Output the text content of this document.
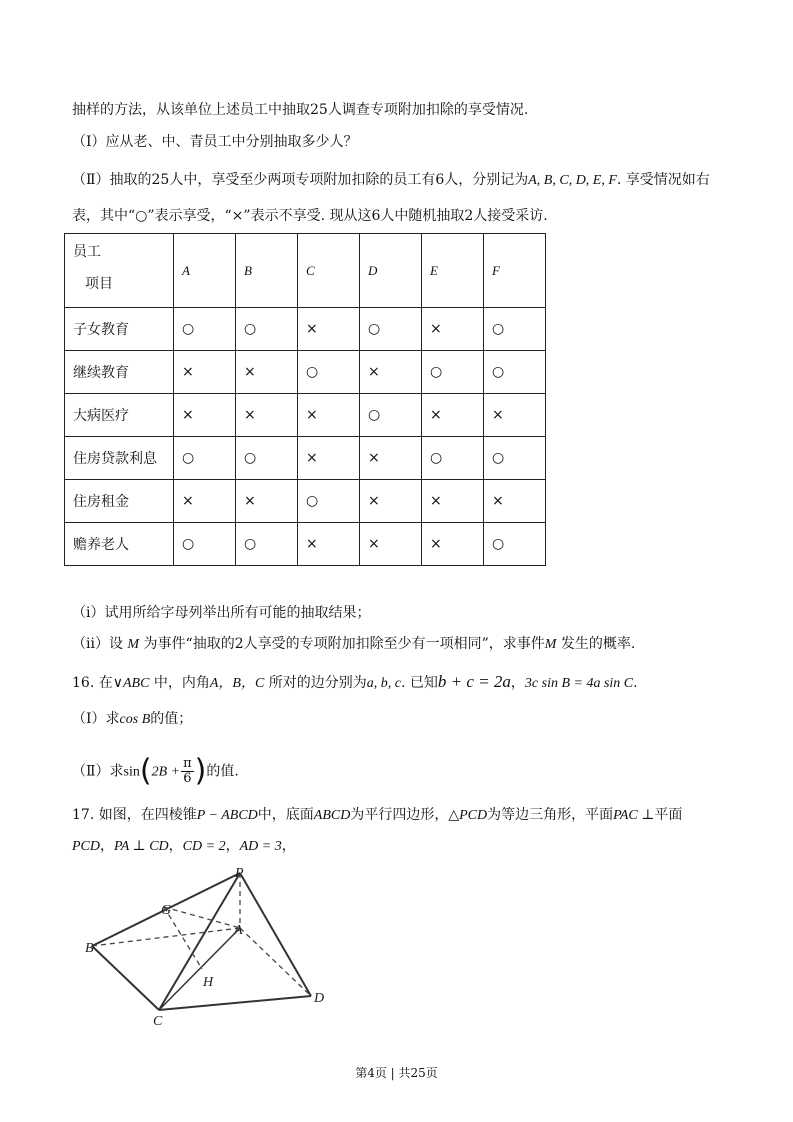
抽样的方法，从该单位上述员工中抽取25人调查专项附加扣除的享受情况.
（Ⅰ）应从老、中、青员工中分别抽取多少人？
（Ⅱ）抽取的25人中，享受至少两项专项附加扣除的员工有6人，分别记为A, B, C, D, E, F. 享受情况如右
表，其中“○”表示享受，“×”表示不享受. 现从这6人中随机抽取2人接受采访.
员工
项目	A	B	C	D	E	F
子女教育	○	○	×	○	×	○
继续教育	×	×	○	×	○	○
大病医疗	×	×	×	○	×	×
住房贷款利息	○	○	×	×	○	○
住房租金	×	×	○	×	×	×
赡养老人	○	○	×	×	×	○
（i）试用所给字母列举出所有可能的抽取结果；
（ii）设 M 为事件“抽取的2人享受的专项附加扣除至少有一项相同”，求事件M 发生的概率.
16. 在∨ABC 中，内角A，B，C 所对的边分别为a, b, c. 已知b + c = 2a，3c sin B = 4a sin C.
（Ⅰ）求cos B的值；
（Ⅱ）求$\sin(2B + \frac{\pi}{6}$ )的值.
17. 如图，在四棱锥P − ABCD中，底面ABCD为平行四边形，△PCD为等边三角形，平面PAC ⊥平面
PCD，PA ⊥ CD，CD = 2，AD = 3，
P
G
A
B
H
C
D
第4页 | 共25页
